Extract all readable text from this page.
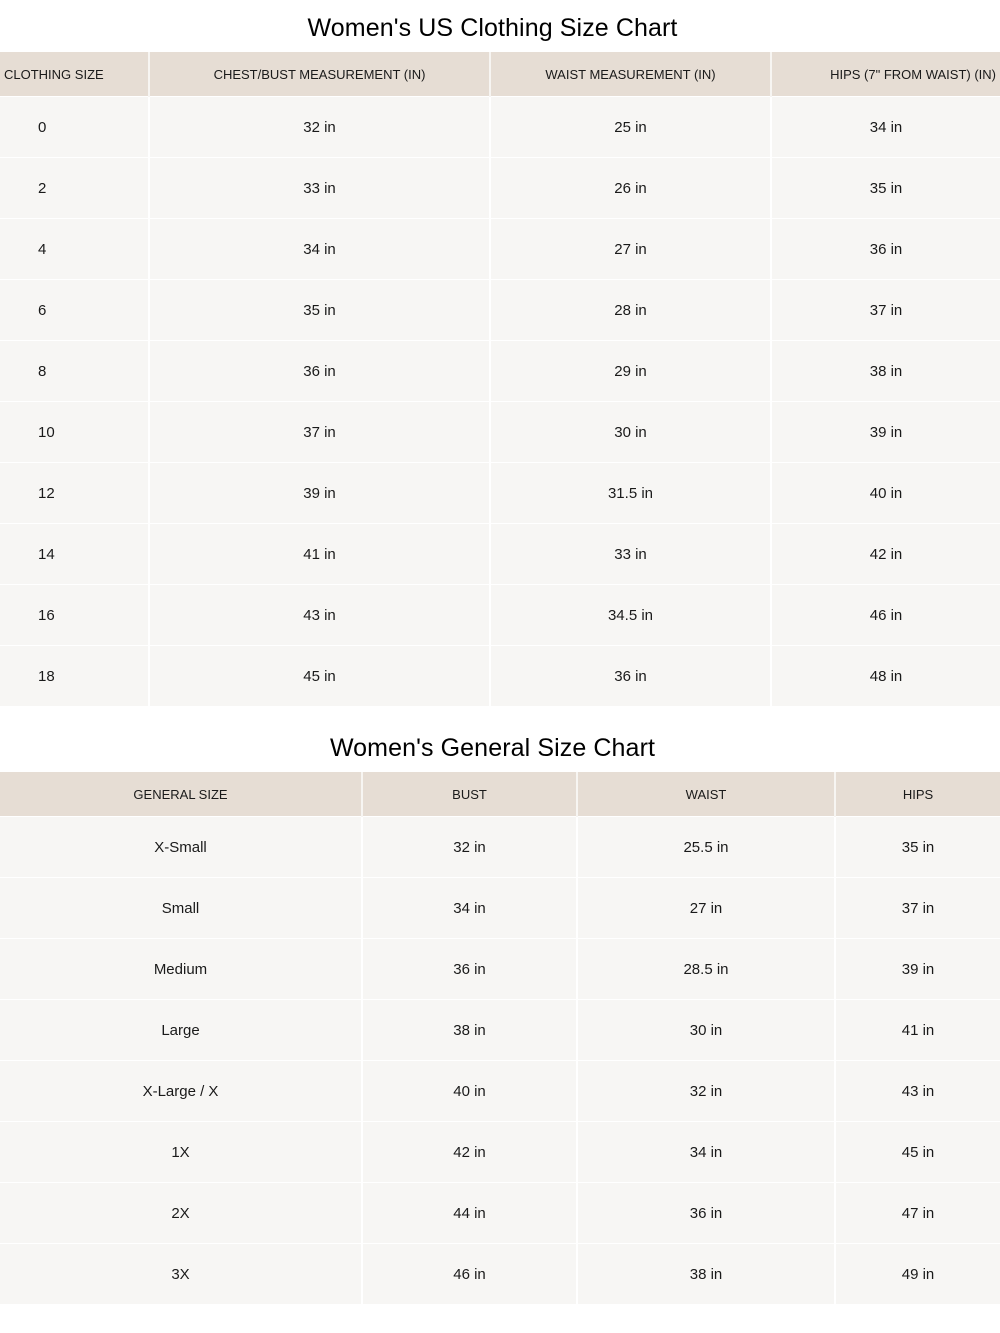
Women's US Clothing Size Chart
CLOTHING SIZE	CHEST/BUST MEASUREMENT (IN)	WAIST MEASUREMENT (IN)	HIPS (7" FROM WAIST) (IN)
0	32 in	25 in	34 in
2	33 in	26 in	35 in
4	34 in	27 in	36 in
6	35 in	28 in	37 in
8	36 in	29 in	38 in
10	37 in	30 in	39 in
12	39 in	31.5 in	40 in
14	41 in	33 in	42 in
16	43 in	34.5 in	46 in
18	45 in	36 in	48 in
Women's General Size Chart
GENERAL SIZE	BUST	WAIST	HIPS
X-Small	32 in	25.5 in	35 in
Small	34 in	27 in	37 in
Medium	36 in	28.5 in	39 in
Large	38 in	30 in	41 in
X-Large / X	40 in	32 in	43 in
1X	42 in	34 in	45 in
2X	44 in	36 in	47 in
3X	46 in	38 in	49 in
